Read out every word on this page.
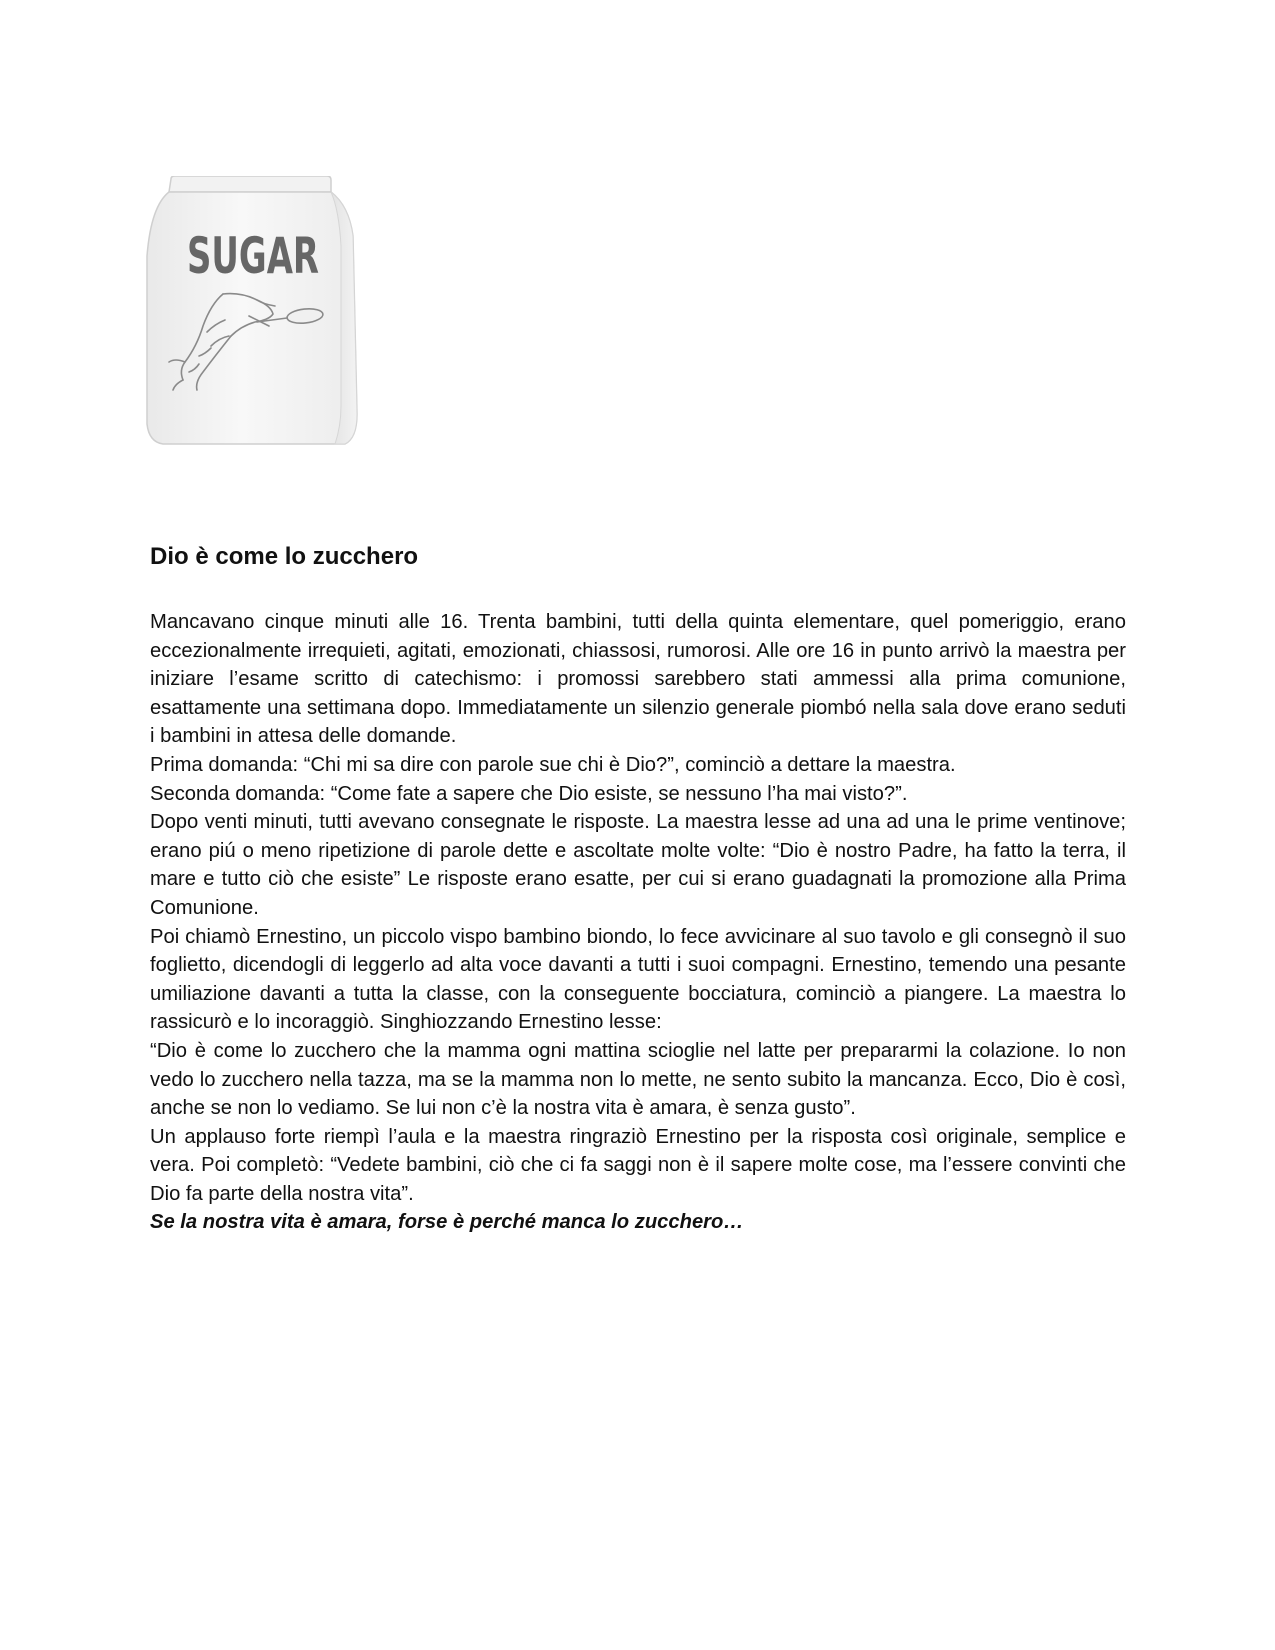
SUGAR
Dio è come lo zucchero

Mancavano cinque minuti alle 16. Trenta bambini, tutti della quinta elementare, quel pomeriggio, erano eccezionalmente irrequieti, agitati, emozionati, chiassosi, rumorosi. Alle ore 16 in punto arrivò la maestra per iniziare l’esame scritto di catechismo: i promossi sarebbero stati ammessi alla prima comunione, esattamente una settimana dopo. Immediatamente un silenzio generale piombó nella sala dove erano seduti i bambini in attesa delle domande.

Prima domanda: “Chi mi sa dire con parole sue chi è Dio?”, cominciò a dettare la maestra.

Seconda domanda: “Come fate a sapere che Dio esiste, se nessuno l’ha mai visto?”.

Dopo venti minuti, tutti avevano consegnate le risposte. La maestra lesse ad una ad una le prime ventinove; erano piú o meno ripetizione di parole dette e ascoltate molte volte: “Dio è nostro Padre, ha fatto la terra, il mare e tutto ciò che esiste” Le risposte erano esatte, per cui si erano guadagnati la promozione alla Prima Comunione.

Poi chiamò Ernestino, un piccolo vispo bambino biondo, lo fece avvicinare al suo tavolo e gli consegnò il suo foglietto, dicendogli di leggerlo ad alta voce davanti a tutti i suoi compagni. Ernestino, temendo una pesante umiliazione davanti a tutta la classe, con la conseguente bocciatura, cominciò a piangere. La maestra lo rassicurò e lo incoraggiò. Singhiozzando Ernestino lesse:

“Dio è come lo zucchero che la mamma ogni mattina scioglie nel latte per prepararmi la colazione. Io non vedo lo zucchero nella tazza, ma se la mamma non lo mette, ne sento subito la mancanza. Ecco, Dio è così, anche se non lo vediamo. Se lui non c’è la nostra vita è amara, è senza gusto”.

Un applauso forte riempì l’aula e la maestra ringraziò Ernestino per la risposta così originale, semplice e vera. Poi completò: “Vedete bambini, ciò che ci fa saggi non è il sapere molte cose, ma l’essere convinti che Dio fa parte della nostra vita”.

Se la nostra vita è amara, forse è perché manca lo zucchero…
